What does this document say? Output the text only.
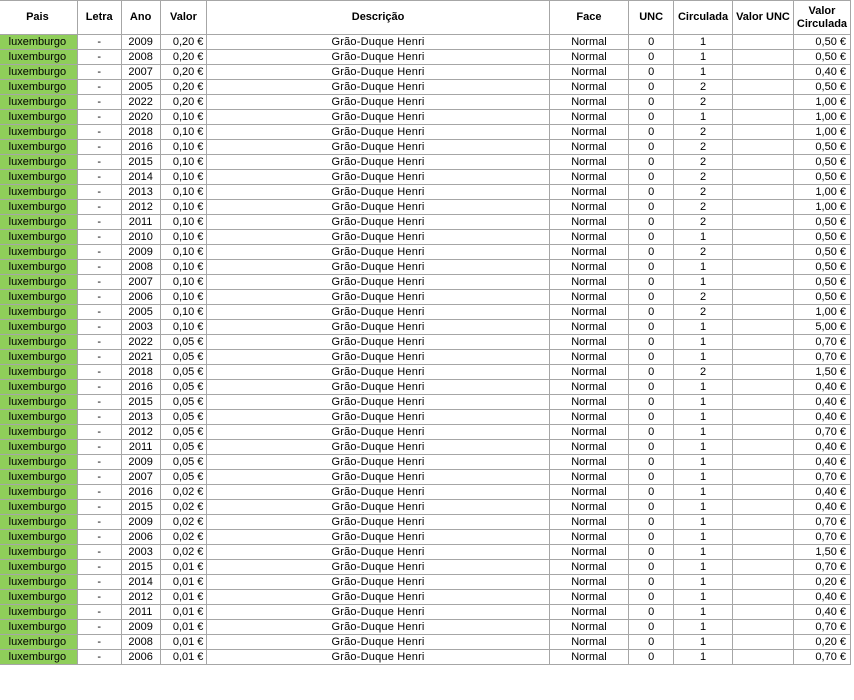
Pais	Letra	Ano	Valor	Descrição	Face	UNC	Circulada	Valor UNC	Valor Circulada
luxemburgo	-	2009	0,20 €	Grão-Duque Henri	Normal	0	1		0,50 €
luxemburgo	-	2008	0,20 €	Grão-Duque Henri	Normal	0	1		0,50 €
luxemburgo	-	2007	0,20 €	Grão-Duque Henri	Normal	0	1		0,40 €
luxemburgo	-	2005	0,20 €	Grão-Duque Henri	Normal	0	2		0,50 €
luxemburgo	-	2022	0,20 €	Grão-Duque Henri	Normal	0	2		1,00 €
luxemburgo	-	2020	0,10 €	Grão-Duque Henri	Normal	0	1		1,00 €
luxemburgo	-	2018	0,10 €	Grão-Duque Henri	Normal	0	2		1,00 €
luxemburgo	-	2016	0,10 €	Grão-Duque Henri	Normal	0	2		0,50 €
luxemburgo	-	2015	0,10 €	Grão-Duque Henri	Normal	0	2		0,50 €
luxemburgo	-	2014	0,10 €	Grão-Duque Henri	Normal	0	2		0,50 €
luxemburgo	-	2013	0,10 €	Grão-Duque Henri	Normal	0	2		1,00 €
luxemburgo	-	2012	0,10 €	Grão-Duque Henri	Normal	0	2		1,00 €
luxemburgo	-	2011	0,10 €	Grão-Duque Henri	Normal	0	2		0,50 €
luxemburgo	-	2010	0,10 €	Grão-Duque Henri	Normal	0	1		0,50 €
luxemburgo	-	2009	0,10 €	Grão-Duque Henri	Normal	0	2		0,50 €
luxemburgo	-	2008	0,10 €	Grão-Duque Henri	Normal	0	1		0,50 €
luxemburgo	-	2007	0,10 €	Grão-Duque Henri	Normal	0	1		0,50 €
luxemburgo	-	2006	0,10 €	Grão-Duque Henri	Normal	0	2		0,50 €
luxemburgo	-	2005	0,10 €	Grão-Duque Henri	Normal	0	2		1,00 €
luxemburgo	-	2003	0,10 €	Grão-Duque Henri	Normal	0	1		5,00 €
luxemburgo	-	2022	0,05 €	Grão-Duque Henri	Normal	0	1		0,70 €
luxemburgo	-	2021	0,05 €	Grão-Duque Henri	Normal	0	1		0,70 €
luxemburgo	-	2018	0,05 €	Grão-Duque Henri	Normal	0	2		1,50 €
luxemburgo	-	2016	0,05 €	Grão-Duque Henri	Normal	0	1		0,40 €
luxemburgo	-	2015	0,05 €	Grão-Duque Henri	Normal	0	1		0,40 €
luxemburgo	-	2013	0,05 €	Grão-Duque Henri	Normal	0	1		0,40 €
luxemburgo	-	2012	0,05 €	Grão-Duque Henri	Normal	0	1		0,70 €
luxemburgo	-	2011	0,05 €	Grão-Duque Henri	Normal	0	1		0,40 €
luxemburgo	-	2009	0,05 €	Grão-Duque Henri	Normal	0	1		0,40 €
luxemburgo	-	2007	0,05 €	Grão-Duque Henri	Normal	0	1		0,70 €
luxemburgo	-	2016	0,02 €	Grão-Duque Henri	Normal	0	1		0,40 €
luxemburgo	-	2015	0,02 €	Grão-Duque Henri	Normal	0	1		0,40 €
luxemburgo	-	2009	0,02 €	Grão-Duque Henri	Normal	0	1		0,70 €
luxemburgo	-	2006	0,02 €	Grão-Duque Henri	Normal	0	1		0,70 €
luxemburgo	-	2003	0,02 €	Grão-Duque Henri	Normal	0	1		1,50 €
luxemburgo	-	2015	0,01 €	Grão-Duque Henri	Normal	0	1		0,70 €
luxemburgo	-	2014	0,01 €	Grão-Duque Henri	Normal	0	1		0,20 €
luxemburgo	-	2012	0,01 €	Grão-Duque Henri	Normal	0	1		0,40 €
luxemburgo	-	2011	0,01 €	Grão-Duque Henri	Normal	0	1		0,40 €
luxemburgo	-	2009	0,01 €	Grão-Duque Henri	Normal	0	1		0,70 €
luxemburgo	-	2008	0,01 €	Grão-Duque Henri	Normal	0	1		0,20 €
luxemburgo	-	2006	0,01 €	Grão-Duque Henri	Normal	0	1		0,70 €
